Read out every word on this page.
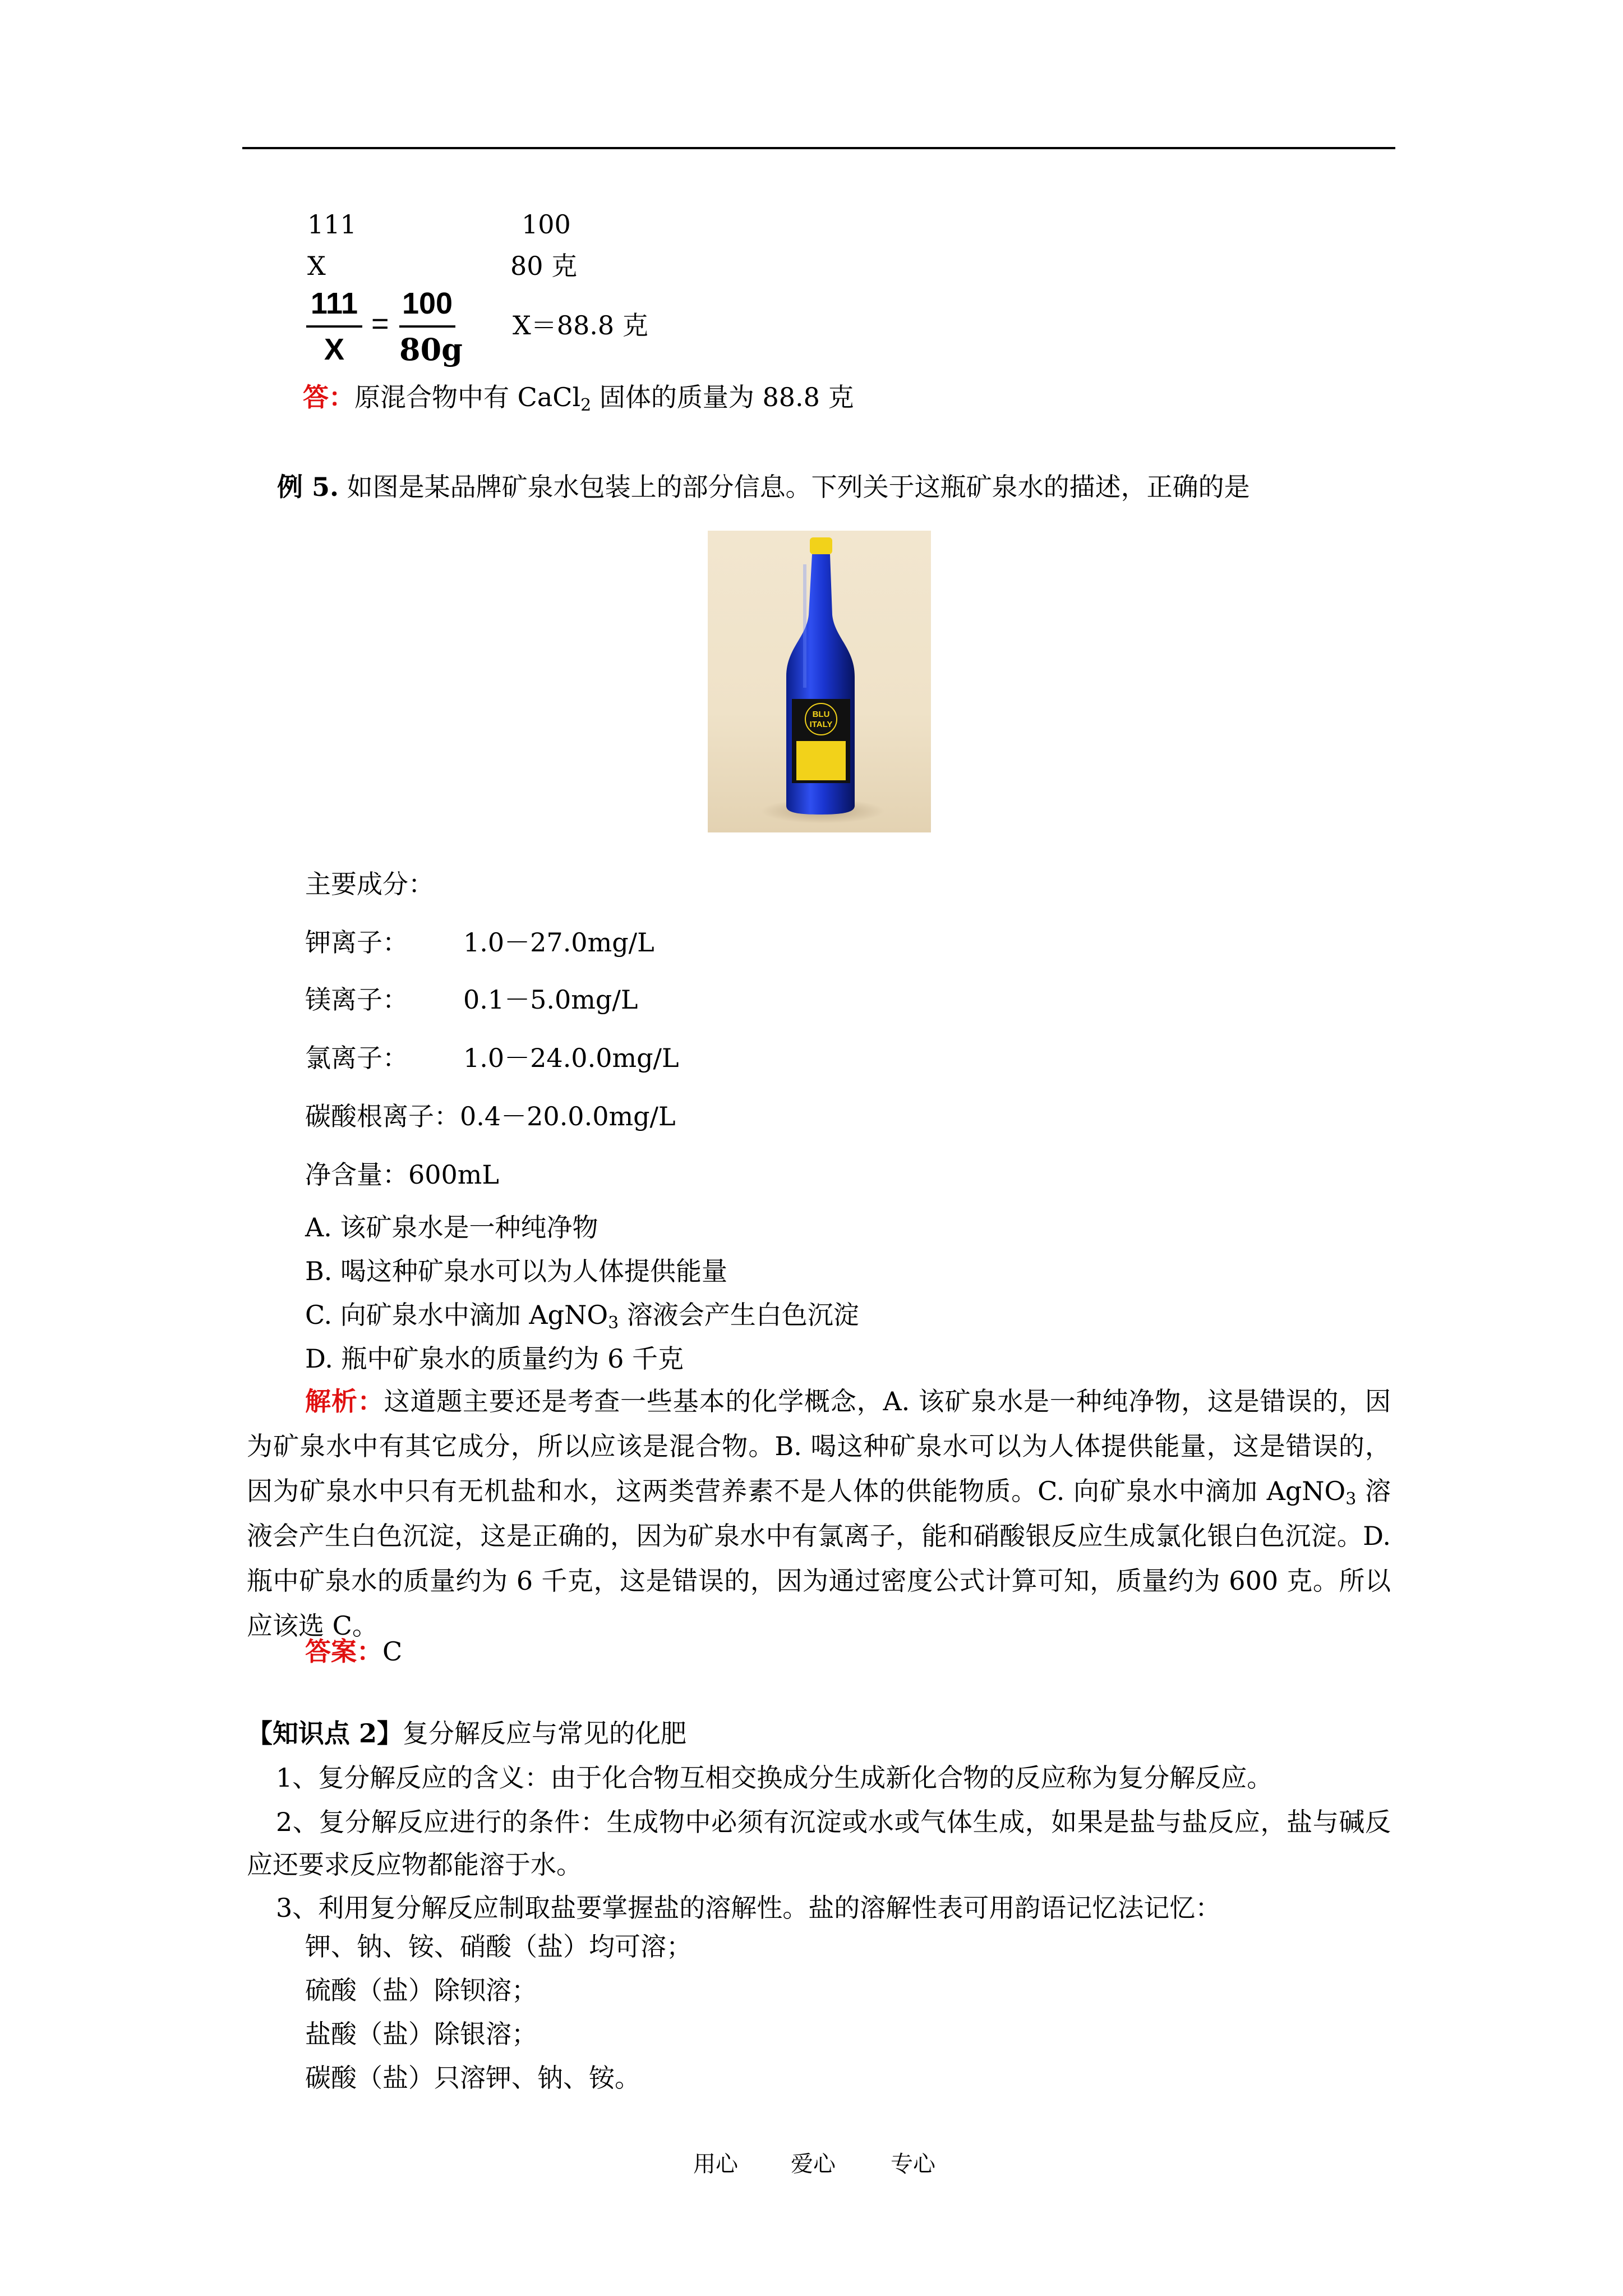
111	100
X	80 克
111
X
=
100
80g
X＝88.8 克
答：原混合物中有 CaCl$_2$ 固体的质量为 88.8 克
例 5. 如图是某品牌矿泉水包装上的部分信息。下列关于这瓶矿泉水的描述，正确的是
BLU
ITALY
主要成分：
钾离子： 1.0－27.0mg/L
镁离子： 0.1－5.0mg/L
氯离子： 1.0－24.0.0mg/L
碳酸根离子：0.4－20.0.0mg/L
净含量：600mL
A. 该矿泉水是一种纯净物
B. 喝这种矿泉水可以为人体提供能量
C. 向矿泉水中滴加 AgNO$_3$ 溶液会产生白色沉淀
D. 瓶中矿泉水的质量约为 6 千克
解析：这道题主要还是考查一些基本的化学概念，A. 该矿泉水是一种纯净物，这是错误的，因为矿泉水中有其它成分，所以应该是混合物。B. 喝这种矿泉水可以为人体提供能量，这是错误的，因为矿泉水中只有无机盐和水，这两类营养素不是人体的供能物质。C. 向矿泉水中滴加 AgNO$_3$ 溶液会产生白色沉淀，这是正确的，因为矿泉水中有氯离子，能和硝酸银反应生成氯化银白色沉淀。D. 瓶中矿泉水的质量约为 6 千克，这是错误的，因为通过密度公式计算可知，质量约为 600 克。所以应该选 C。
答案：C
【知识点 2】复分解反应与常见的化肥
1、复分解反应的含义：由于化合物互相交换成分生成新化合物的反应称为复分解反应。
2、复分解反应进行的条件：生成物中必须有沉淀或水或气体生成，如果是盐与盐反应，盐与碱反应还要求反应物都能溶于水。
3、利用复分解反应制取盐要掌握盐的溶解性。盐的溶解性表可用韵语记忆法记忆：
钾、钠、铵、硝酸（盐）均可溶；
硫酸（盐）除钡溶；
盐酸（盐）除银溶；
碳酸（盐）只溶钾、钠、铵。
用心 爱心 专心
